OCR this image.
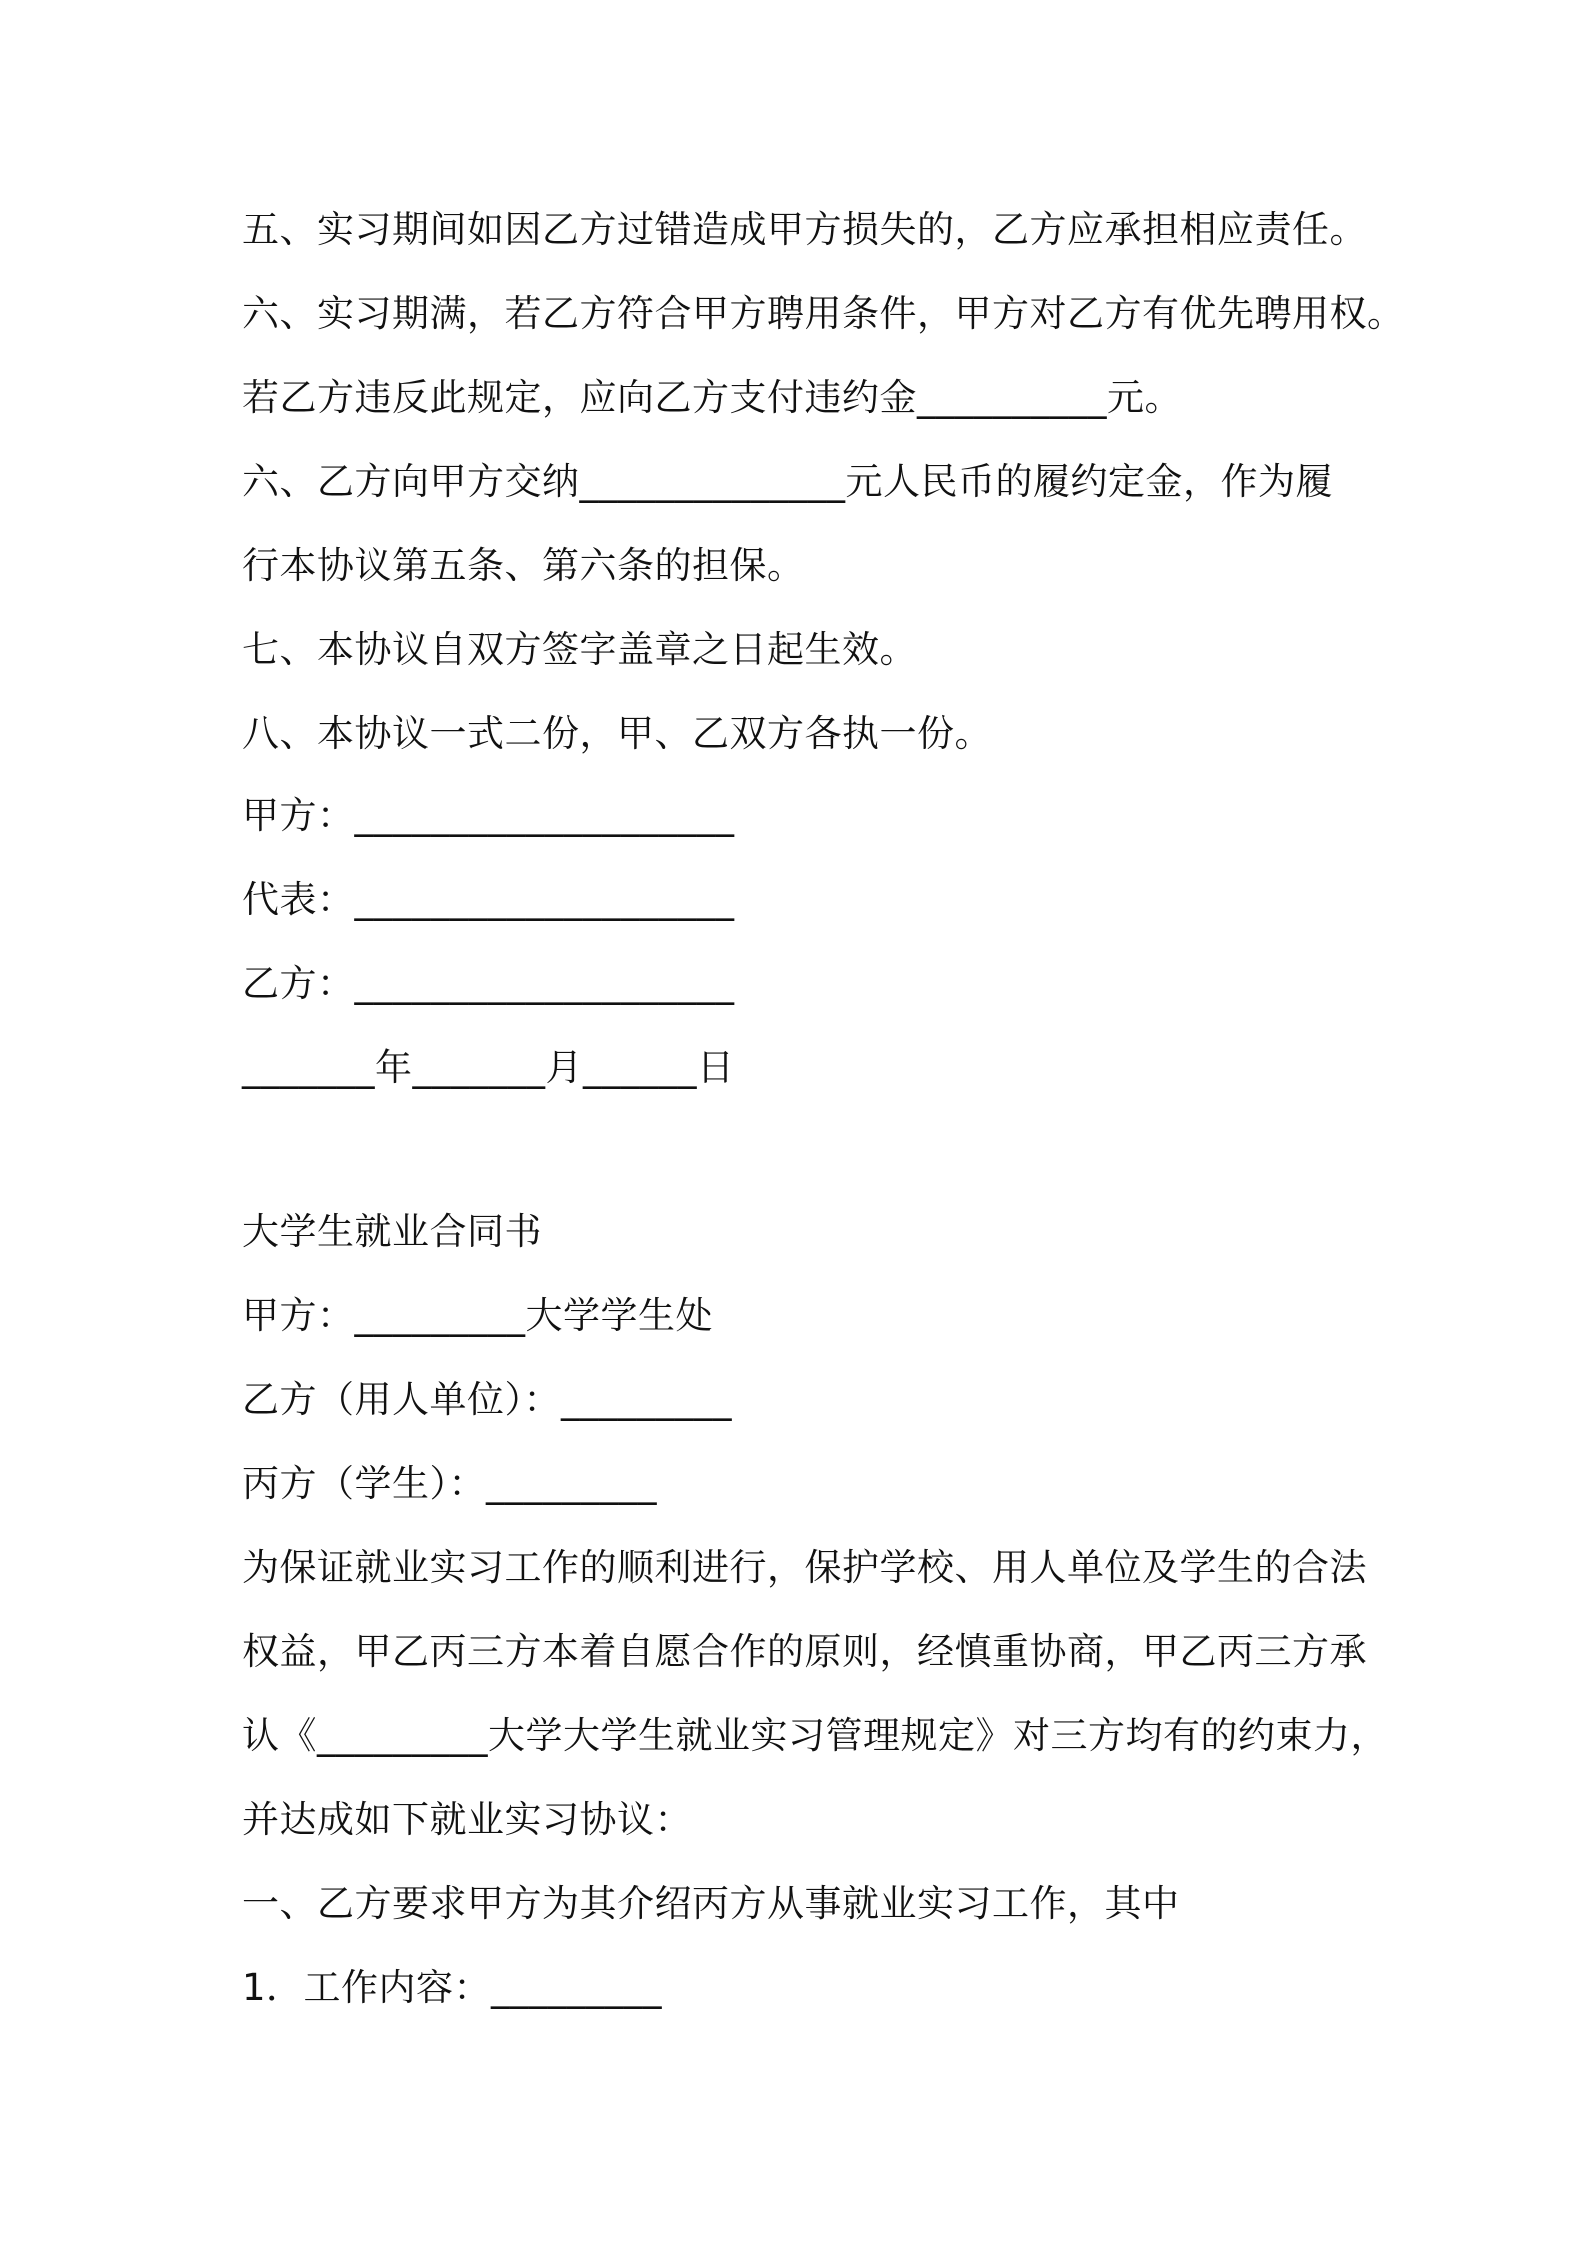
五、实习期间如因乙方过错造成甲方损失的，乙方应承担相应责任。
六、实习期满，若乙方符合甲方聘用条件，甲方对乙方有优先聘用权。
若乙方违反此规定，应向乙方支付违约金__________元。
六、乙方向甲方交纳______________元人民币的履约定金，作为履
行本协议第五条、第六条的担保。
七、本协议自双方签字盖章之日起生效。
八、本协议一式二份，甲、乙双方各执一份。
甲方：____________________
代表：____________________
乙方：____________________
_______年_______月______日
大学生就业合同书
甲方：_________大学学生处
乙方（用人单位）：_________
丙方（学生）：_________
为保证就业实习工作的顺利进行，保护学校、用人单位及学生的合法
权益，甲乙丙三方本着自愿合作的原则，经慎重协商，甲乙丙三方承
认《_________大学大学生就业实习管理规定》对三方均有的约束力，
并达成如下就业实习协议：
一、乙方要求甲方为其介绍丙方从事就业实习工作，其中
1．工作内容：_________
